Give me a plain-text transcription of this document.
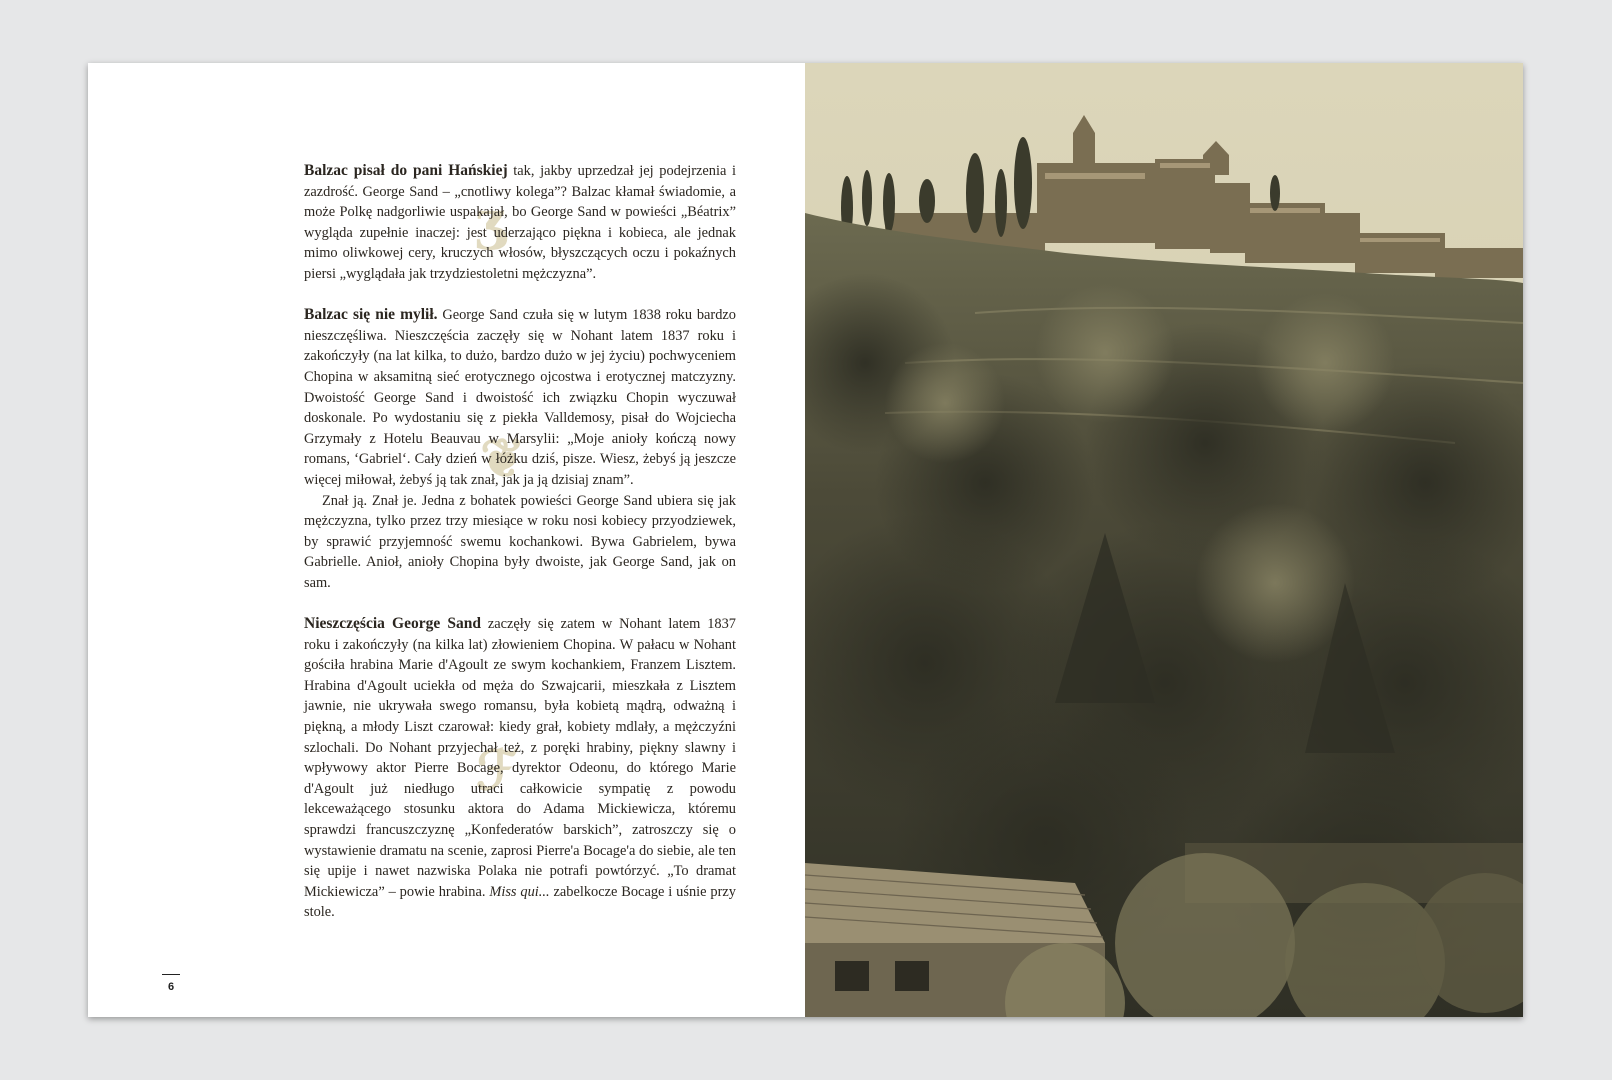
ʒ
❦
ℱ

Balzac pisał do pani Hańskiej tak, jakby uprzedzał jej podejrzenia i zazdrość. George Sand – „cnotliwy kolega”? Balzac kłamał świadomie, a może Polkę nadgorliwie uspakajał, bo George Sand w powieści „Béatrix” wygląda zupełnie inaczej: jest uderzająco piękna i kobieca, ale jednak mimo oliwkowej cery, kruczych włosów, błyszczących oczu i pokaźnych piersi „wyglądała jak trzydziestoletni mężczyzna”.

Balzac się nie mylił. George Sand czuła się w lutym 1838 roku bardzo nieszczęśliwa. Nieszczęścia zaczęły się w Nohant latem 1837 roku i zakończyły (na lat kilka, to dużo, bardzo dużo w jej życiu) pochwyceniem Chopina w aksamitną sieć erotycznego ojcostwa i erotycznej matczyzny. Dwoistość George Sand i dwoistość ich związku Chopin wyczuwał doskonale. Po wydostaniu się z piekła Valldemosy, pisał do Wojciecha Grzymały z Hotelu Beauvau w Marsylii: „Moje anioły kończą nowy romans, ‘Gabriel‘. Cały dzień w łóżku dziś, pisze. Wiesz, żebyś ją jeszcze więcej miłował, żebyś ją tak znał, jak ja ją dzisiaj znam”.

Znał ją. Znał je. Jedna z bohatek powieści George Sand ubiera się jak mężczyzna, tylko przez trzy miesiące w roku nosi kobiecy przyodziewek, by sprawić przyjemność swemu kochankowi. Bywa Gabrielem, bywa Gabrielle. Anioł, anioły Chopina były dwoiste, jak George Sand, jak on sam.

Nieszczęścia George Sand zaczęły się zatem w Nohant latem 1837 roku i zakończyły (na kilka lat) złowieniem Chopina. W pałacu w Nohant gościła hrabina Marie d'Agoult ze swym kochankiem, Franzem Lisztem. Hrabina d'Agoult uciekła od męża do Szwajcarii, mieszkała z Lisztem jawnie, nie ukrywała swego romansu, była kobietą mądrą, odważną i piękną, a młody Liszt czarował: kiedy grał, kobiety mdlały, a mężczyźni szlochali. Do Nohant przyjechał też, z poręki hrabiny, piękny slawny i wpływowy aktor Pierre Bocage, dyrektor Odeonu, do którego Marie d'Agoult już niedługo utraci całkowicie sympatię z powodu lekceważącego stosunku aktora do Adama Mickiewicza, któremu sprawdzi francuszczyznę „Konfederatów barskich”, zatroszczy się o wystawienie dramatu na scenie, zaprosi Pierre'a Bocage'a do siebie, ale ten się upije i nawet nazwiska Polaka nie potrafi powtórzyć. „To dramat Mickiewicza” – powie hrabina. Miss qui... zabelkocze Bocage i uśnie przy stole.

6
